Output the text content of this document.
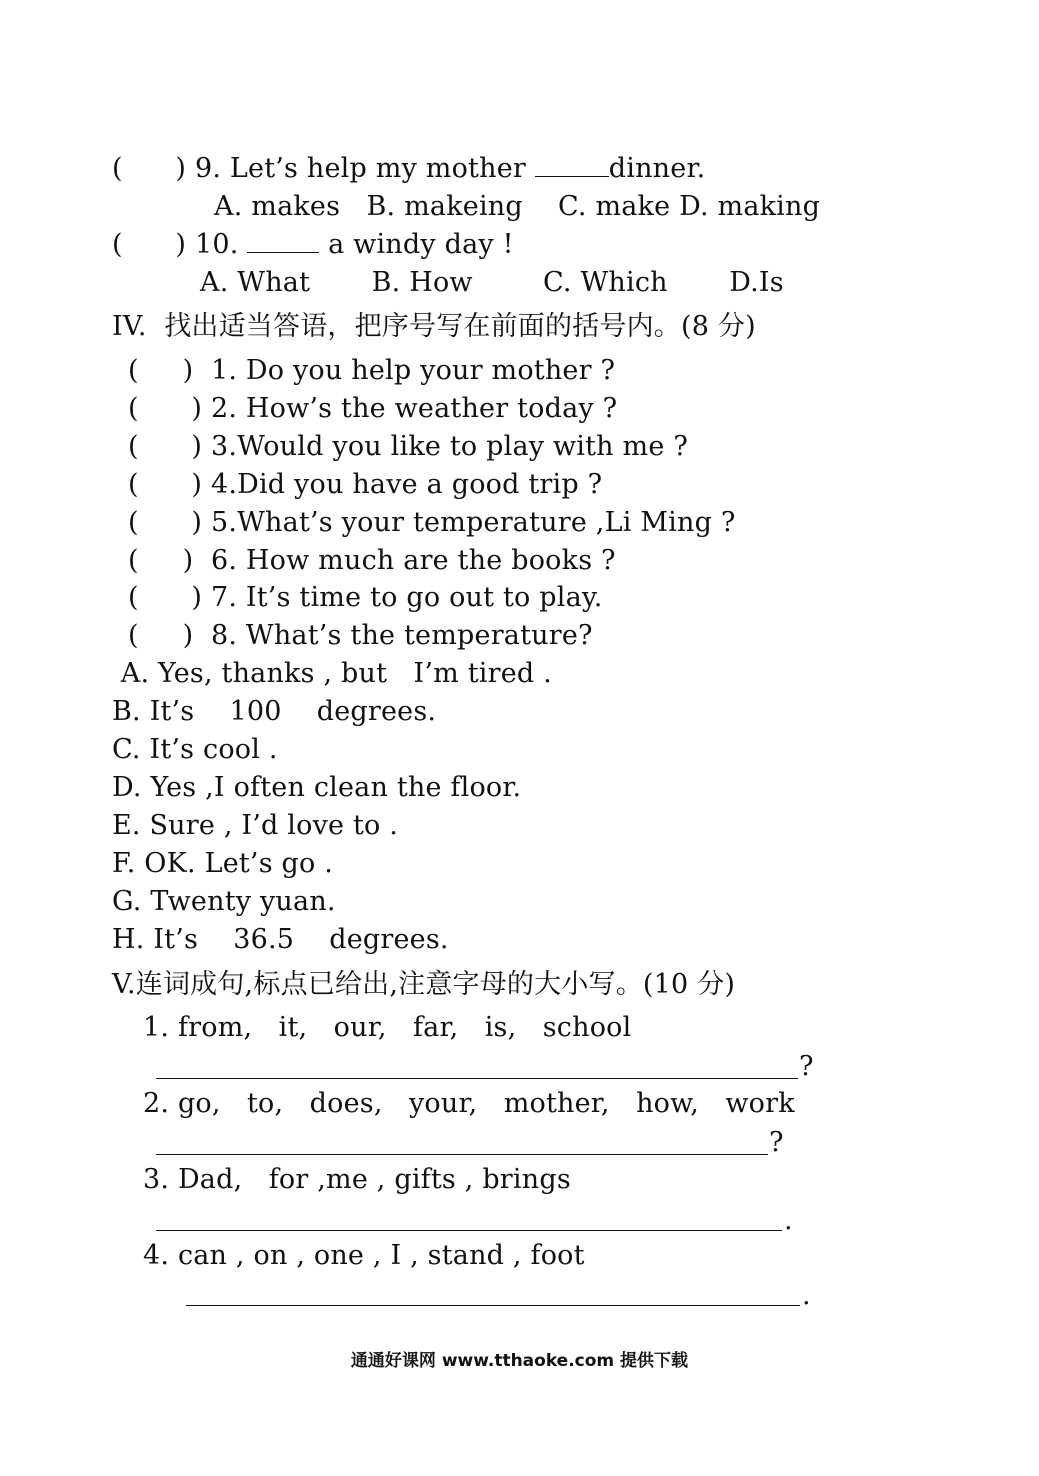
(      ) 9. Let’s help my mother	dinner.
A. makes   B. makeing    C. make D. making
(      ) 10.	a windy day !
A. What       B. How        C. Which       D.Is
IV.  找出适当答语，把序号写在前面的括号内。(8 分)
(     )  1. Do you help your mother ?
(      ) 2. How’s the weather today ?
(      ) 3.Would you like to play with me ?
(      ) 4.Did you have a good trip ?
(      ) 5.What’s your temperature ,Li Ming ?
(     )  6. How much are the books ?
(      ) 7. It’s time to go out to play.
(     )  8. What’s the temperature?
A. Yes, thanks , but   I’m tired .
B. It’s    100    degrees.
C. It’s cool .
D. Yes ,I often clean the floor.
E. Sure , I’d love to .
F. OK. Let’s go .
G. Twenty yuan.
H. It’s    36.5    degrees.
V.连词成句,标点已给出,注意字母的大小写。(10 分)
1. from,   it,   our,   far,   is,   school
?
2. go,   to,   does,   your,   mother,   how,   work
?
3. Dad,   for ,me , gifts , brings
.
4. can , on , one , I , stand , foot
.
通通好课网 www.tthaoke.com 提供下载
